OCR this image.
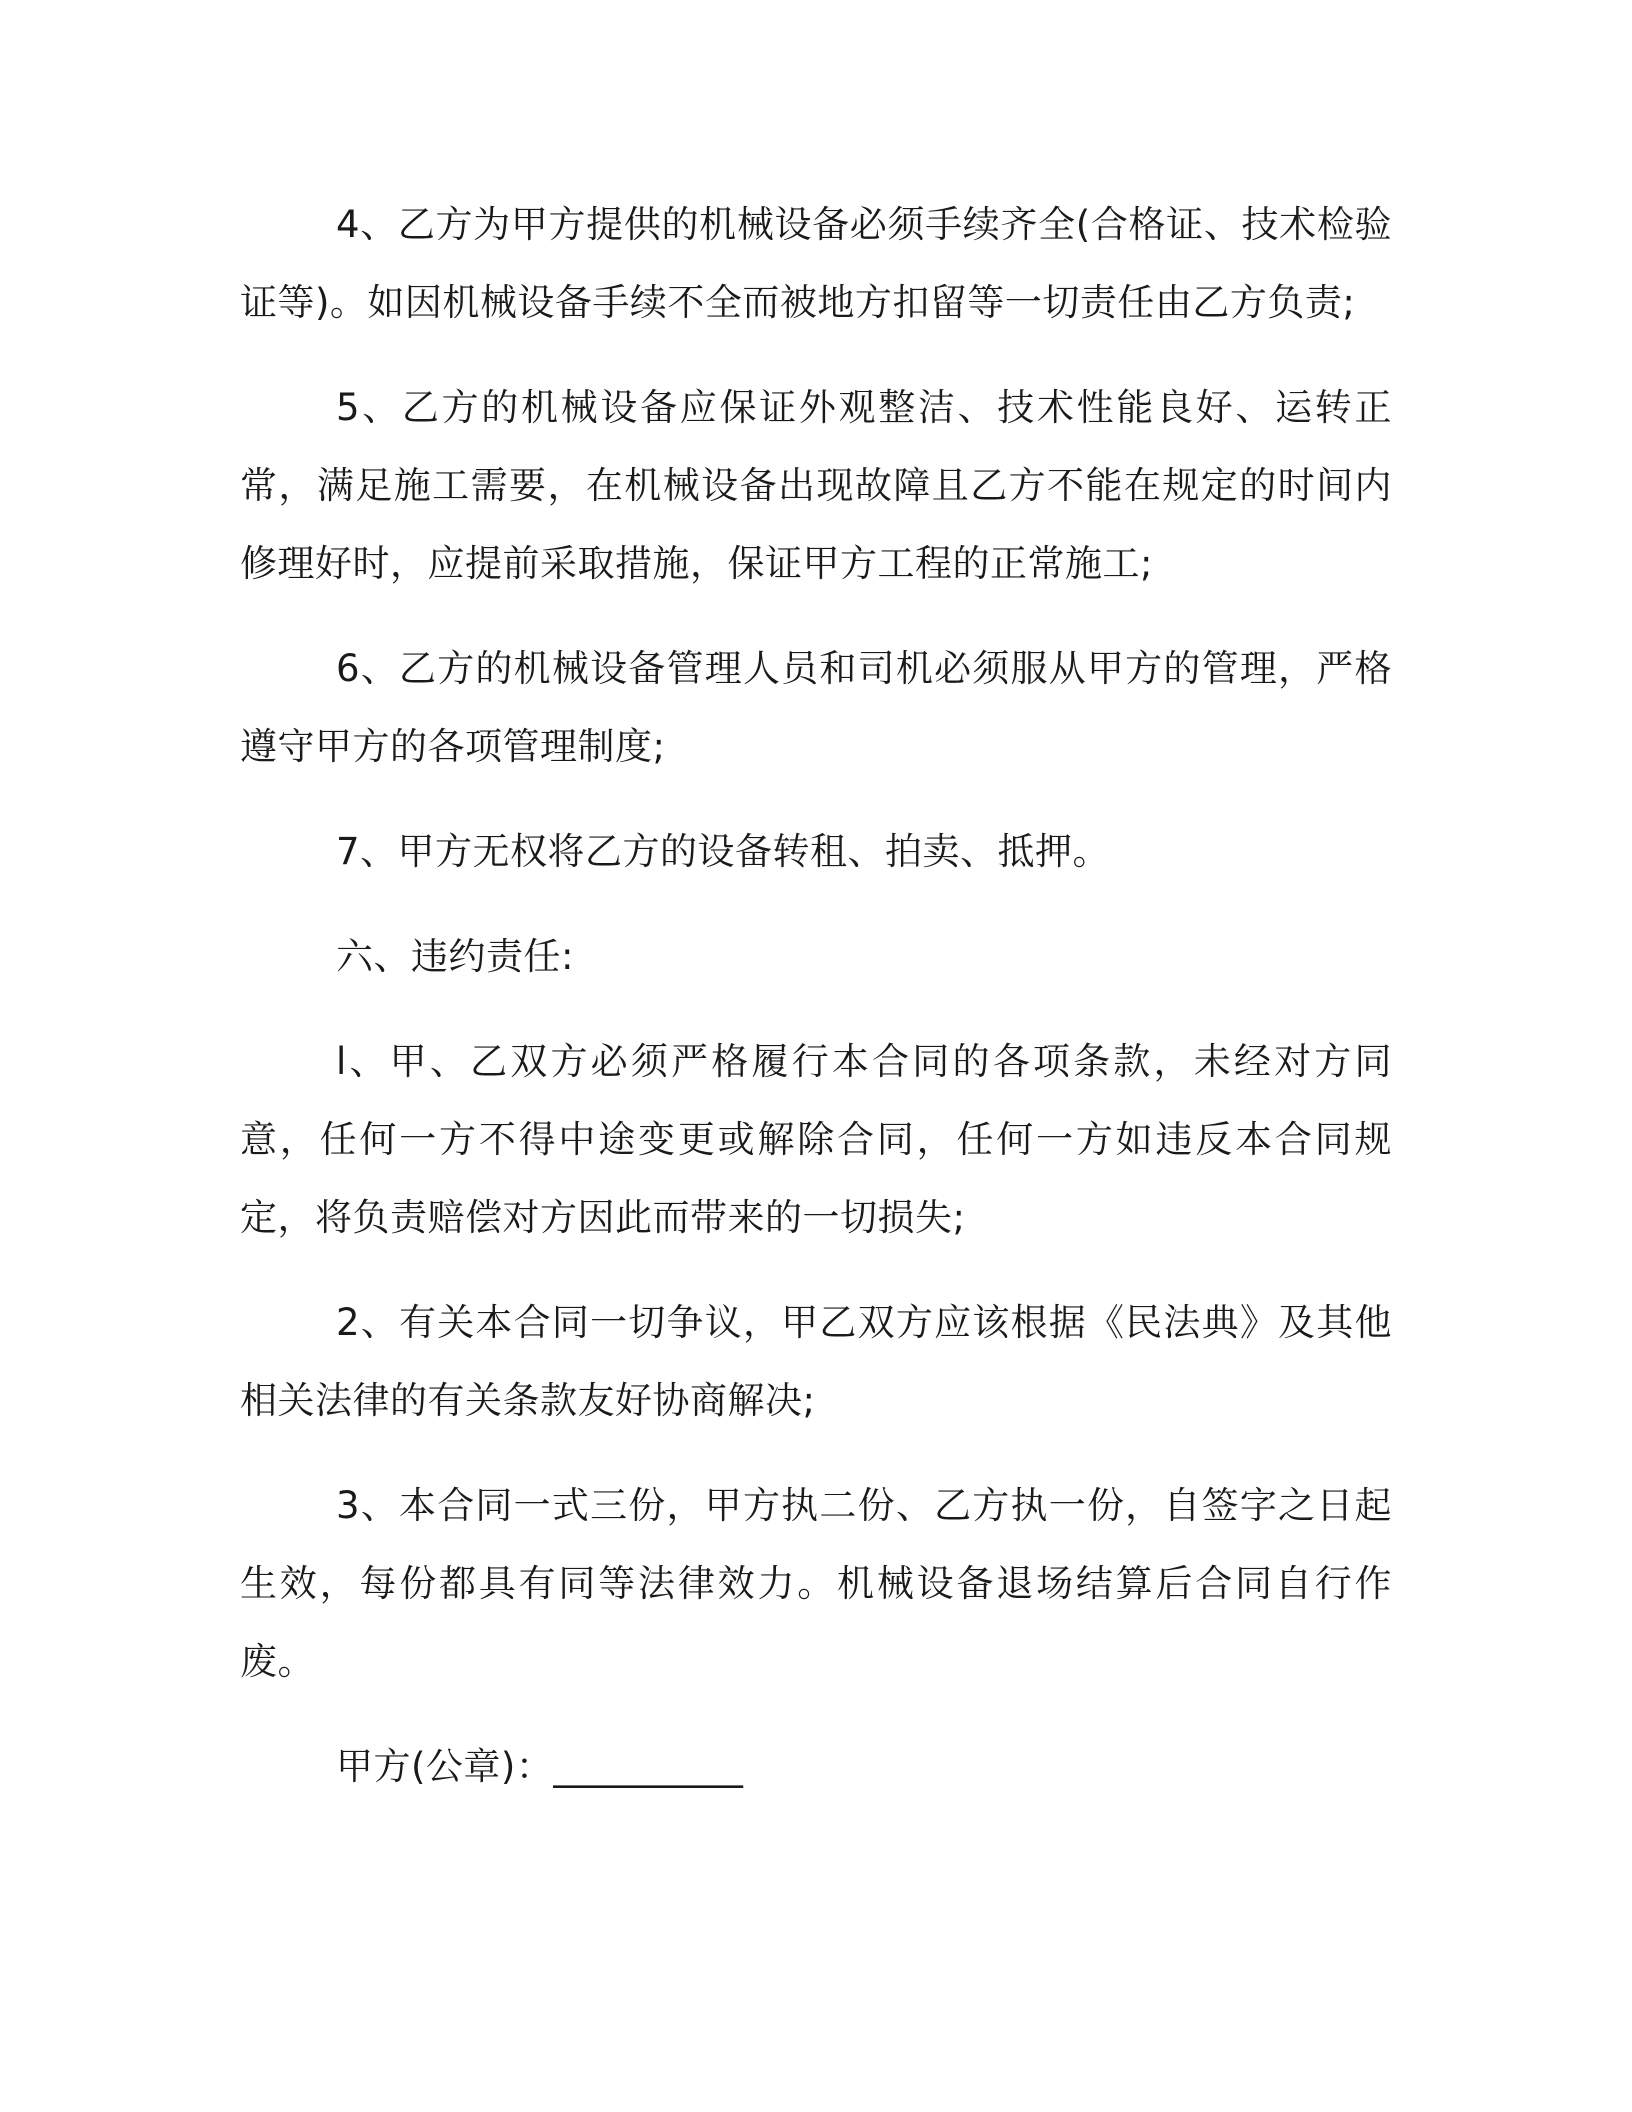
4、乙方为甲方提供的机械设备必须手续齐全(合格证、技术检验证等)。如因机械设备手续不全而被地方扣留等一切责任由乙方负责;

5、乙方的机械设备应保证外观整洁、技术性能良好、运转正常，满足施工需要，在机械设备出现故障且乙方不能在规定的时间内修理好时，应提前采取措施，保证甲方工程的正常施工;

6、乙方的机械设备管理人员和司机必须服从甲方的管理，严格遵守甲方的各项管理制度;

7、甲方无权将乙方的设备转租、拍卖、抵押。

六、违约责任:

l、甲、乙双方必须严格履行本合同的各项条款，未经对方同意，任何一方不得中途变更或解除合同，任何一方如违反本合同规定，将负责赔偿对方因此而带来的一切损失;

2、有关本合同一切争议，甲乙双方应该根据《民法典》及其他相关法律的有关条款友好协商解决;

3、本合同一式三份，甲方执二份、乙方执一份，自签字之日起生效，每份都具有同等法律效力。机械设备退场结算后合同自行作废。

甲方(公章)：__________
